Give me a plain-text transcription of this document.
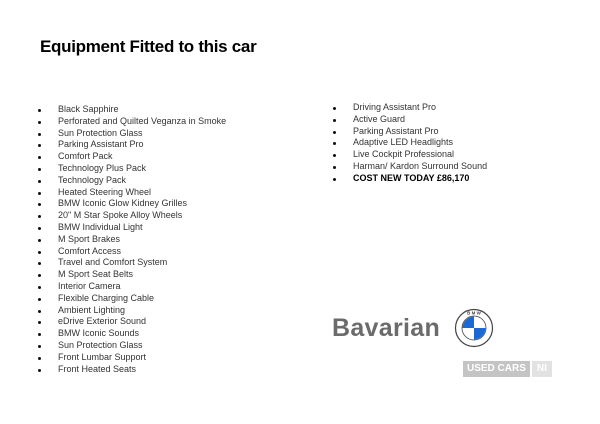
Equipment Fitted to this car
Black Sapphire
Perforated and Quilted Veganza in Smoke
Sun Protection Glass
Parking Assistant Pro
Comfort Pack
Technology Plus Pack
Technology Pack
Heated Steering Wheel
BMW Iconic Glow Kidney Grilles
20" M Star Spoke Alloy Wheels
BMW Individual Light
M Sport Brakes
Comfort Access
Travel and Comfort System
M Sport Seat Belts
Interior Camera
Flexible Charging Cable
Ambient Lighting
eDrive Exterior Sound
BMW Iconic Sounds
Sun Protection Glass
Front Lumbar Support
Front Heated Seats
Driving Assistant Pro
Active Guard
Parking Assistant Pro
Adaptive LED Headlights
Live Cockpit Professional
Harman/ Kardon Surround Sound
COST NEW TODAY £86,170
Bavarian
B M W
USED CARS	NI
